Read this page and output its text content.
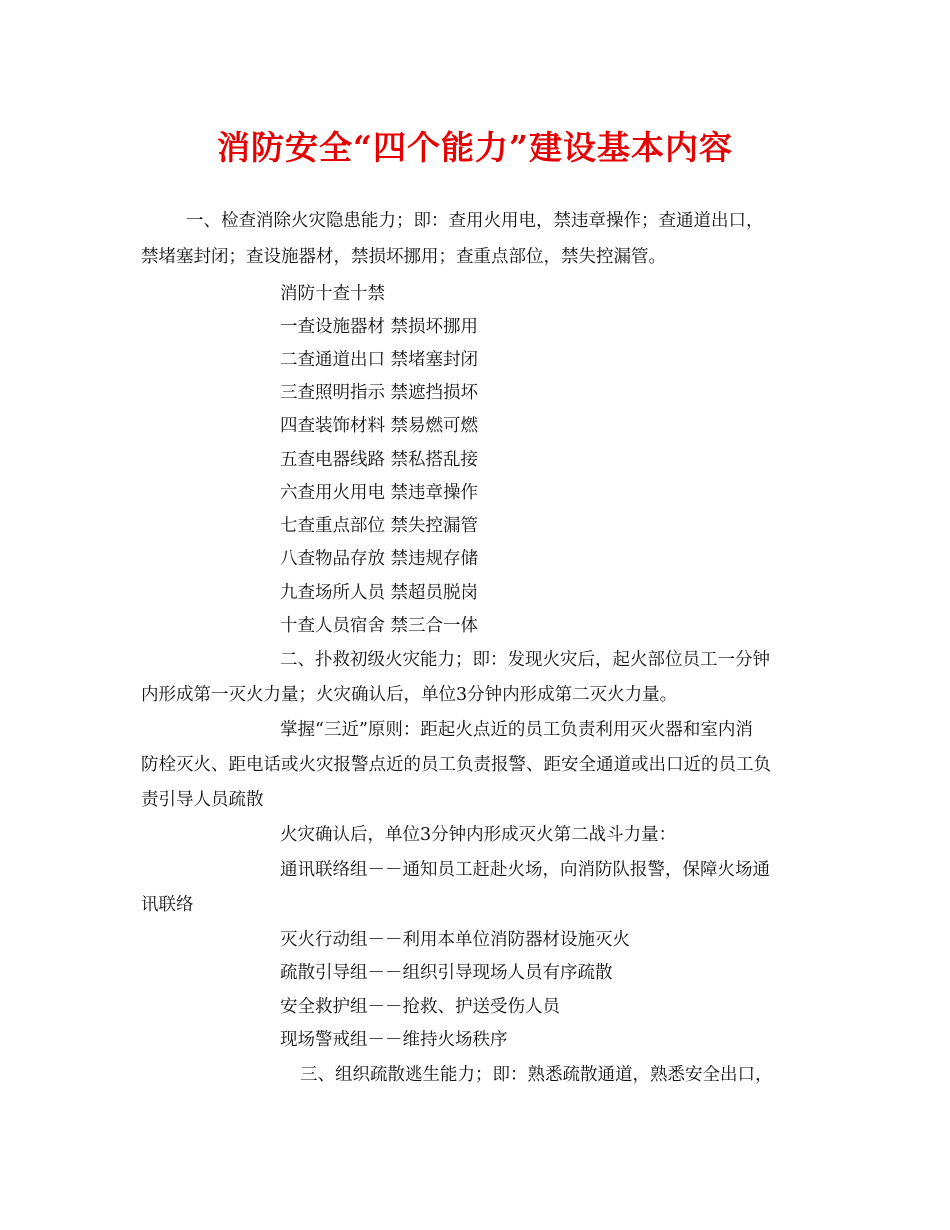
消防安全“四个能力”建设基本内容
一、检查消除火灾隐患能力；即：查用火用电，禁违章操作；查通道出口，
禁堵塞封闭；查设施器材，禁损坏挪用；查重点部位，禁失控漏管。
消防十查十禁
一查设施器材 禁损坏挪用
二查通道出口 禁堵塞封闭
三查照明指示 禁遮挡损坏
四查装饰材料 禁易燃可燃
五查电器线路 禁私搭乱接
六查用火用电 禁违章操作
七查重点部位 禁失控漏管
八查物品存放 禁违规存储
九查场所人员 禁超员脱岗
十查人员宿舍 禁三合一体
二、扑救初级火灾能力；即：发现火灾后，起火部位员工一分钟
内形成第一灭火力量；火灾确认后，单位3分钟内形成第二灭火力量。
掌握“三近”原则：距起火点近的员工负责利用灭火器和室内消
防栓灭火、距电话或火灾报警点近的员工负责报警、距安全通道或出口近的员工负
责引导人员疏散
火灾确认后，单位3分钟内形成灭火第二战斗力量：
通讯联络组－－通知员工赶赴火场，向消防队报警，保障火场通
讯联络
灭火行动组－－利用本单位消防器材设施灭火
疏散引导组－－组织引导现场人员有序疏散
安全救护组－－抢救、护送受伤人员
现场警戒组－－维持火场秩序
三、组织疏散逃生能力；即：熟悉疏散通道，熟悉安全出口，
